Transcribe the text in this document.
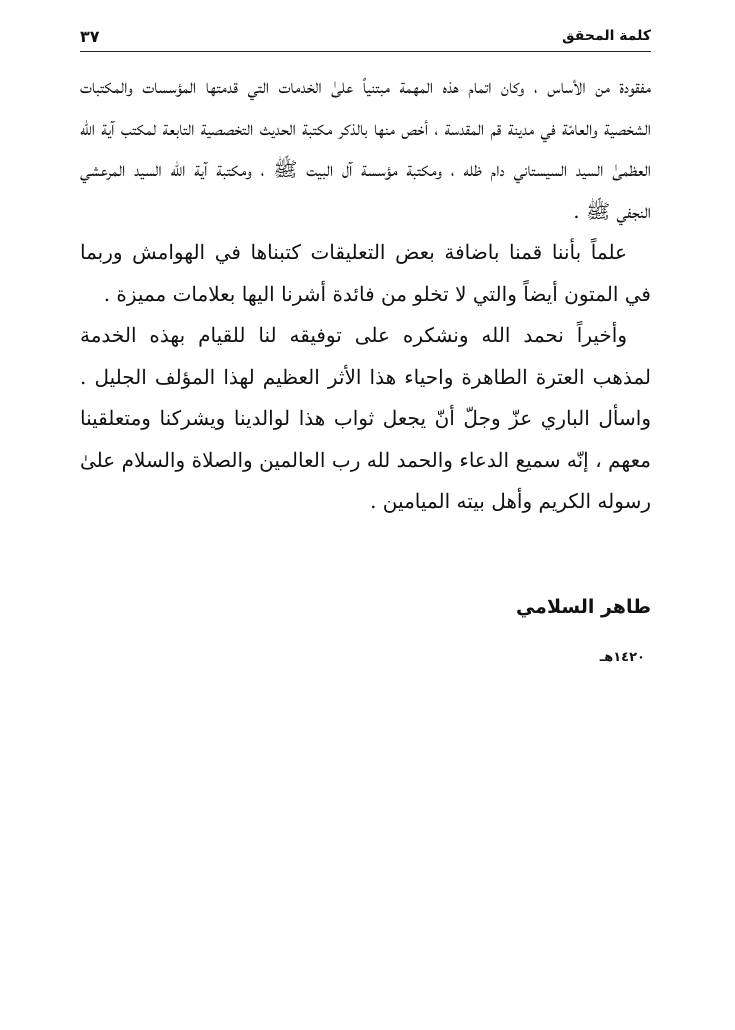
كلمة المحقق
٣٧

مفقودة من الأساس ، وكان اتمام هذه المهمة مبتنياً علىٰ الخدمات التي قدمتها المؤسسات والمكتبات الشخصية والعامّة في مدينة قم المقدسة ، أخص منها بالذكر مكتبة الحديث التخصصية التابعة لمكتب آية الله العظمىٰ السيد السيستاني دام ظله ، ومكتبة مؤسسة آل البيت ﷺ ، ومكتبة آية الله السيد المرعشي النجفي ﷺ .

علماً بأننا قمنا باضافة بعض التعليقات كتبناها في الهوامش وربما في المتون أيضاً والتي لا تخلو من فائدة أشرنا اليها بعلامات مميزة .

وأخيراً نحمد الله ونشكره على توفيقه لنا للقيام بهذه الخدمة لمذهب العترة الطاهرة واحياء هذا الأثر العظيم لهذا المؤلف الجليل . واسأل الباري عزّ وجلّ أنّ يجعل ثواب هذا لوالدينا ويشركنا ومتعلقينا معهم ، إنّه سميع الدعاء والحمد لله رب العالمين والصلاة والسلام علىٰ رسوله الكريم وأهل بيته الميامين .

طاهر السلامي
١٤٢٠هـ
